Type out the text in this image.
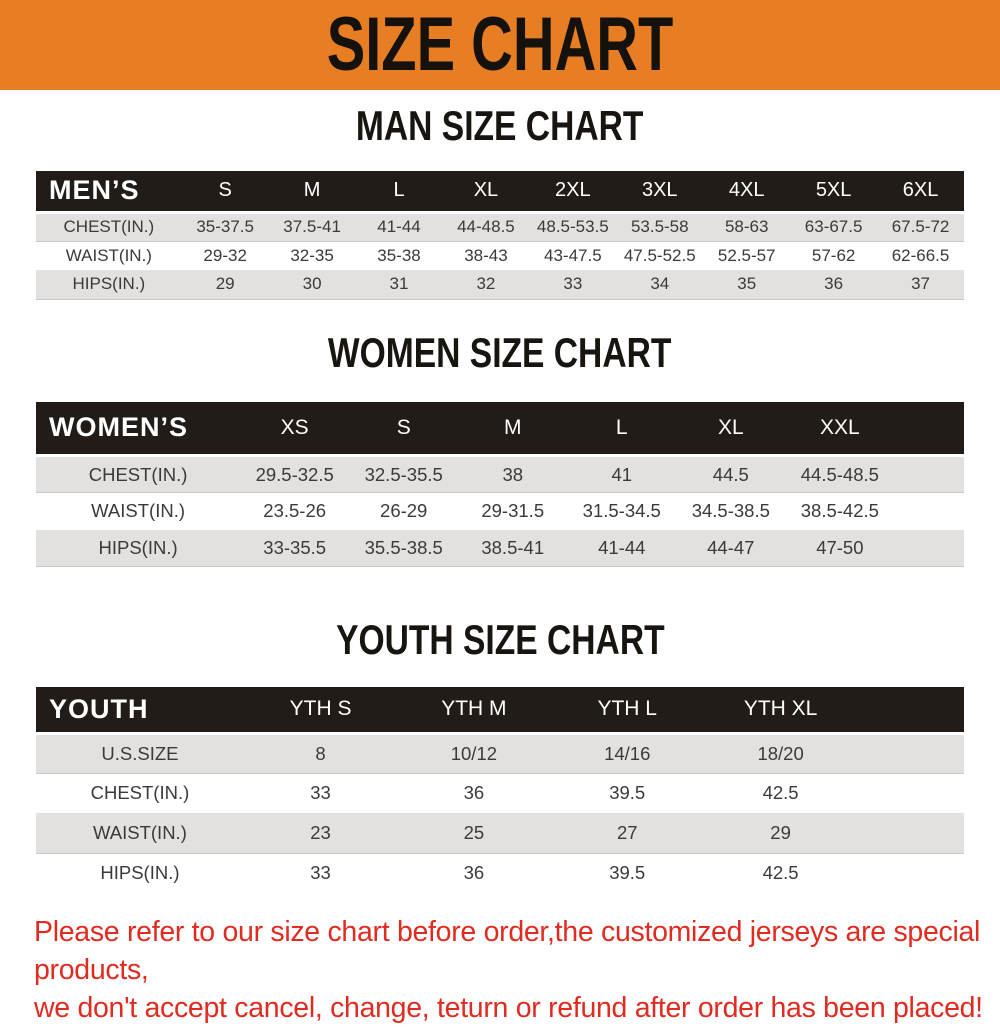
SIZE CHART
MAN SIZE CHART
MEN’S	S	M	L	XL	2XL	3XL	4XL	5XL	6XL
CHEST(IN.)	35-37.5	37.5-41	41-44	44-48.5	48.5-53.5	53.5-58	58-63	63-67.5	67.5-72
WAIST(IN.)	29-32	32-35	35-38	38-43	43-47.5	47.5-52.5	52.5-57	57-62	62-66.5
HIPS(IN.)	29	30	31	32	33	34	35	36	37
WOMEN SIZE CHART
WOMEN’S	XS	S	M	L	XL	XXL	
CHEST(IN.)	29.5-32.5	32.5-35.5	38	41	44.5	44.5-48.5	
WAIST(IN.)	23.5-26	26-29	29-31.5	31.5-34.5	34.5-38.5	38.5-42.5	
HIPS(IN.)	33-35.5	35.5-38.5	38.5-41	41-44	44-47	47-50	
YOUTH SIZE CHART
YOUTH	YTH S	YTH M	YTH L	YTH XL	
U.S.SIZE	8	10/12	14/16	18/20	
CHEST(IN.)	33	36	39.5	42.5	
WAIST(IN.)	23	25	27	29	
HIPS(IN.)	33	36	39.5	42.5	

Please refer to our size chart before order,the customized jerseys are special products,

we don't accept cancel, change, teturn or refund after order has been placed!
